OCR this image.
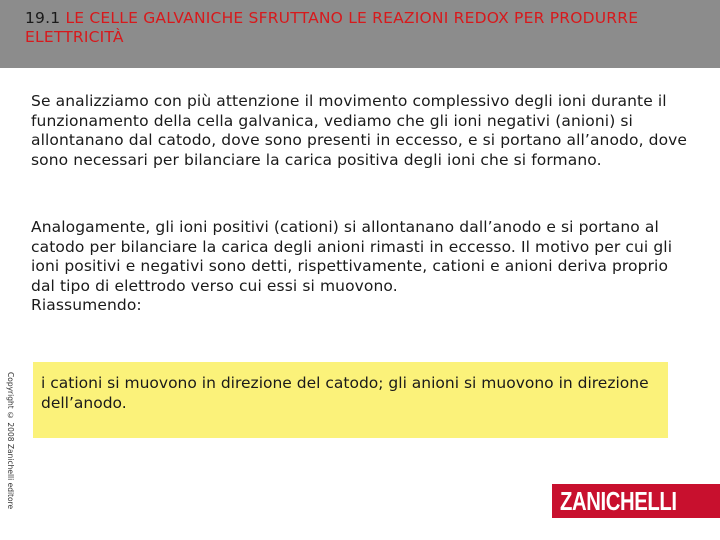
19.1 LE CELLE GALVANICHE SFRUTTANO LE REAZIONI REDOX PER PRODURRE ELETTRICITÀ
Se analizziamo con più attenzione il movimento complessivo degli ioni durante il funzionamento della cella galvanica, vediamo che gli ioni negativi (anioni) si allontanano dal catodo, dove sono presenti in eccesso, e si portano all’anodo, dove sono necessari per bilanciare la carica positiva degli ioni che si formano.
Analogamente, gli ioni positivi (cationi) si allontanano dall’anodo e si portano al catodo per bilanciare la carica degli anioni rimasti in eccesso. Il motivo per cui gli ioni positivi e negativi sono detti, rispettivamente, cationi e anioni deriva proprio dal tipo di elettrodo verso cui essi si muovono.
Riassumendo:
Copyright © 2008 Zanichelli editore i cationi si muovono in direzione del catodo; gli anioni si muovono in direzione dell’anodo.
ZANICHELLI
